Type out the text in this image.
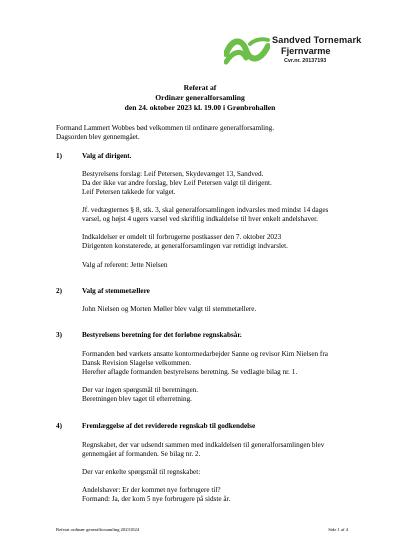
Sandved Tornemark
Fjernvarme
Cvr.nr. 20137193
Referat af
Ordinær generalforsamling
den 24. oktober 2023 kl. 19.00 i Grønbrohallen
Formand Lammert Wobbes bød velkommen til ordinære generalforsamling.
Dagsorden blev gennemgået.
1)	Valg af dirigent.
Bestyrelsens forslag: Leif Petersen, Skydevænget 13, Sandved.
Da der ikke var andre forslag, blev Leif Petersen valgt til dirigent.
Leif Petersen takkede for valget.
Jf. vedtægternes § 8, stk. 3, skal generalforsamlingen indvarsles med mindst 14 dages
varsel, og højst 4 ugers varsel ved skriftlig indkaldelse til hver enkelt andelshaver.
Indkaldelser er omdelt til forbrugerne postkasser den 7. oktober 2023
Dirigenten konstaterede, at generalforsamlingen var rettidigt indvarslet.
Valg af referent: Jette Nielsen
2)	Valg af stemmetællere
John Nielsen og Morten Møller blev valgt til stemmetællere.
3)	Bestyrelsens beretning for det forløbne regnskabsår.
Formanden bød værkets ansatte kontormedarbejder Sanne og revisor Kim Nielsen fra
Dansk Revision Slagelse velkommen.
Herefter aflagde formanden bestyrelsens beretning. Se vedlagte bilag nr. 1.
Der var ingen spørgsmål til beretningen.
Beretningen blev taget til efterretning.
4)	Fremlæggelse af det reviderede regnskab til godkendelse
Regnskabet, der var udsendt sammen med indkaldelsen til generalforsamlingen blev
gennemgået af formanden. Se bilag nr. 2.
Der var enkelte spørgsmål til regnskabet:
Andelshaver: Er der kommet nye forbrugere til?
Formand: Ja, der kom 5 nye forbrugere på sidste år.
Referat ordinær generalforsamling 20231024	Side 1 af 4
